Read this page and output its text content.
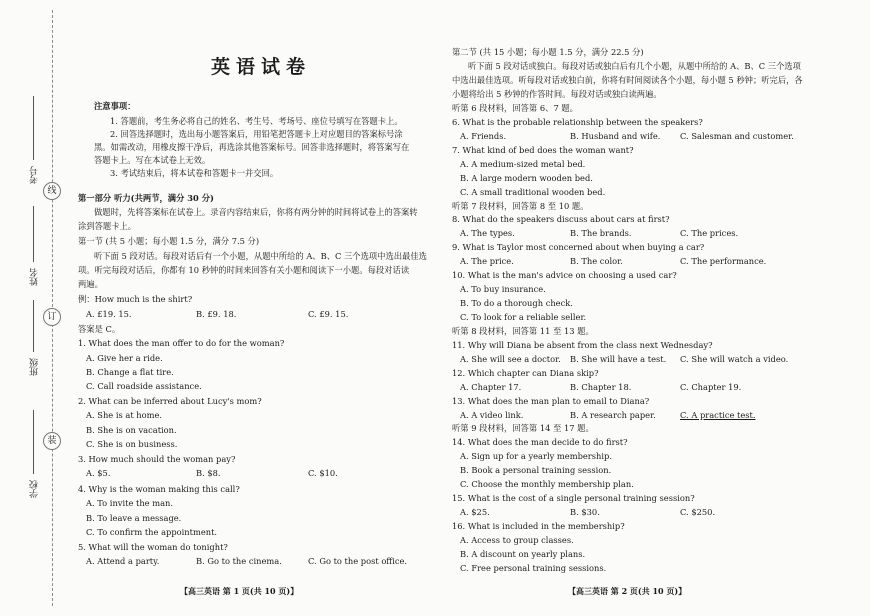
线
订
装
考号
姓名
班级
学校
英语试卷
注意事项：
1. 答题前，考生务必将自己的姓名、考生号、考场号、座位号填写在答题卡上。
2. 回答选择题时，选出每小题答案后，用铅笔把答题卡上对应题目的答案标号涂
黑。如需改动，用橡皮擦干净后，再选涂其他答案标号。回答非选择题时，将答案写在
答题卡上。写在本试卷上无效。
3. 考试结束后，将本试卷和答题卡一并交回。
第一部分 听力(共两节，满分 30 分)
做题时，先将答案标在试卷上。录音内容结束后，你将有两分钟的时间将试卷上的答案转
涂到答题卡上。
第一节 (共 5 小题；每小题 1.5 分，满分 7.5 分)
听下面 5 段对话。每段对话后有一个小题，从题中所给的 A、B、C 三个选项中选出最佳选
项。听完每段对话后，你都有 10 秒钟的时间来回答有关小题和阅读下一小题。每段对话读
两遍。
例：How much is the shirt?
A. £19. 15.	B. £9. 18.	C. £9. 15.
答案是 C。
1. What does the man offer to do for the woman?
A. Give her a ride.
B. Change a flat tire.
C. Call roadside assistance.
2. What can be inferred about Lucy's mom?
A. She is at home.
B. She is on vacation.
C. She is on business.
3. How much should the woman pay?
A. $5.	B. $8.	C. $10.
4. Why is the woman making this call?
A. To invite the man.
B. To leave a message.
C. To confirm the appointment.
5. What will the woman do tonight?
A. Attend a party.	B. Go to the cinema.	C. Go to the post office.
【高三英语 第 1 页(共 10 页)】
第二节 (共 15 小题；每小题 1.5 分，满分 22.5 分)
听下面 5 段对话或独白。每段对话或独白后有几个小题，从题中所给的 A、B、C 三个选项
中选出最佳选项。听每段对话或独白前，你将有时间阅读各个小题，每小题 5 秒钟；听完后，各
小题将给出 5 秒钟的作答时间。每段对话或独白读两遍。
听第 6 段材料，回答第 6、7 题。
6. What is the probable relationship between the speakers?
A. Friends.	B. Husband and wife. C. Salesman and customer.
7. What kind of bed does the woman want?
A. A medium-sized metal bed.
B. A large modern wooden bed.
C. A small traditional wooden bed.
听第 7 段材料，回答第 8 至 10 题。
8. What do the speakers discuss about cars at first?
A. The types.	B. The brands.	C. The prices.
9. What is Taylor most concerned about when buying a car?
A. The price.	B. The color.	C. The performance.
10. What is the man's advice on choosing a used car?
A. To buy insurance.
B. To do a thorough check.
C. To look for a reliable seller.
听第 8 段材料，回答第 11 至 13 题。
11. Why will Diana be absent from the class next Wednesday?
A. She will see a doctor. B. She will have a test. C. She will watch a video.
12. Which chapter can Diana skip?
A. Chapter 17.	B. Chapter 18.	C. Chapter 19.
13. What does the man plan to email to Diana?
A. A video link.	B. A research paper.	C. A practice test.
听第 9 段材料，回答第 14 至 17 题。
14. What does the man decide to do first?
A. Sign up for a yearly membership.
B. Book a personal training session.
C. Choose the monthly membership plan.
15. What is the cost of a single personal training session?
A. $25.	B. $30.	C. $250.
16. What is included in the membership?
A. Access to group classes.
B. A discount on yearly plans.
C. Free personal training sessions.
【高三英语 第 2 页(共 10 页)】
